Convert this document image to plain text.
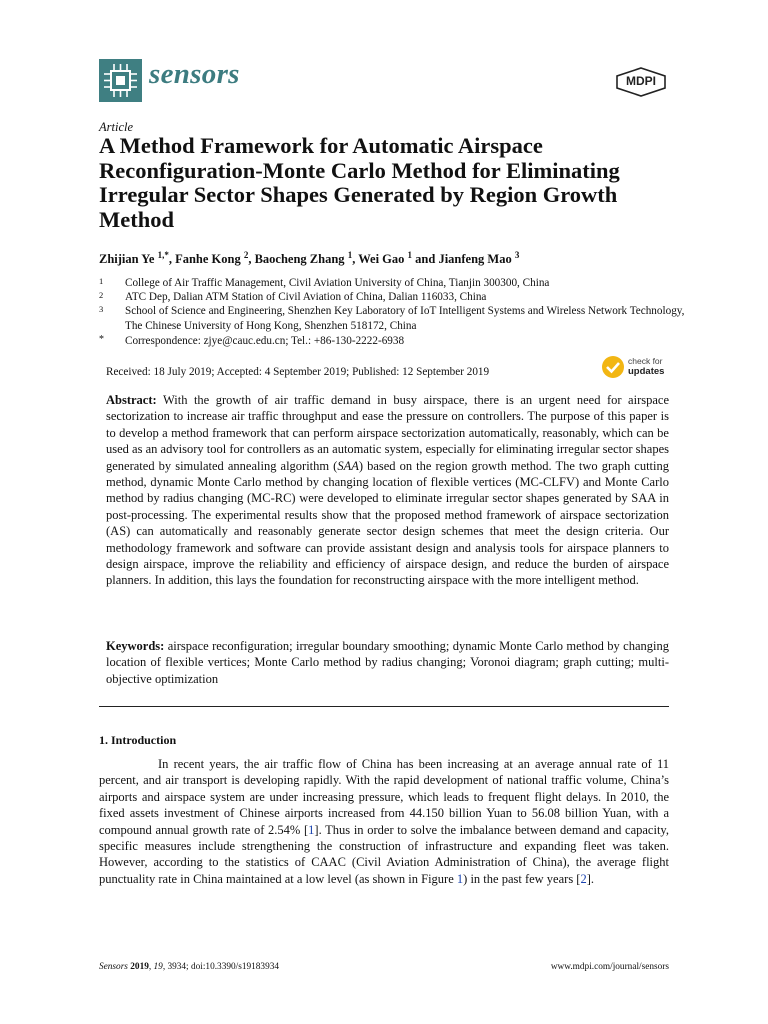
sensors	MDPI
Article
A Method Framework for Automatic Airspace Reconfiguration-Monte Carlo Method for Eliminating Irregular Sector Shapes Generated by Region Growth Method
Zhijian Ye $^{1,*}$, Fanhe Kong $^2$, Baocheng Zhang $^1$, Wei Gao $^1$ and Jianfeng Mao $^3$
1 College of Air Traffic Management, Civil Aviation University of China, Tianjin 300300, China
2 ATC Dep, Dalian ATM Station of Civil Aviation of China, Dalian 116033, China
3 School of Science and Engineering, Shenzhen Key Laboratory of IoT Intelligent Systems and Wireless Network Technology, The Chinese University of Hong Kong, Shenzhen 518172, China
* Correspondence: zjye@cauc.edu.cn; Tel.: +86-130-2222-6938
Received: 18 July 2019; Accepted: 4 September 2019; Published: 12 September 2019
check for
updates
Abstract: With the growth of air traffic demand in busy airspace, there is an urgent need for airspace sectorization to increase air traffic throughput and ease the pressure on controllers. The purpose of this paper is to develop a method framework that can perform airspace sectorization automatically, reasonably, which can be used as an advisory tool for controllers as an automatic system, especially for eliminating irregular sector shapes generated by simulated annealing algorithm (SAA) based on the region growth method. The two graph cutting method, dynamic Monte Carlo method by changing location of flexible vertices (MC-CLFV) and Monte Carlo method by radius changing (MC-RC) were developed to eliminate irregular sector shapes generated by SAA in post-processing. The experimental results show that the proposed method framework of airspace sectorization (AS) can automatically and reasonably generate sector design schemes that meet the design criteria. Our methodology framework and software can provide assistant design and analysis tools for airspace planners to design airspace, improve the reliability and efficiency of airspace design, and reduce the burden of airspace planners. In addition, this lays the foundation for reconstructing airspace with the more intelligent method.
Keywords: airspace reconfiguration; irregular boundary smoothing; dynamic Monte Carlo method by changing location of flexible vertices; Monte Carlo method by radius changing; Voronoi diagram; graph cutting; multi-objective optimization
1. Introduction

In recent years, the air traffic flow of China has been increasing at an average annual rate of 11 percent, and air transport is developing rapidly. With the rapid development of national traffic volume, China’s airports and airspace system are under increasing pressure, which leads to frequent flight delays. In 2010, the fixed assets investment of Chinese airports increased from 44.150 billion Yuan to 56.08 billion Yuan, with a compound annual growth rate of 2.54% [1]. Thus in order to solve the imbalance between demand and capacity, specific measures include strengthening the construction of infrastructure and expanding fleet was taken. However, according to the statistics of CAAC (Civil Aviation Administration of China), the average flight punctuality rate in China maintained at a low level (as shown in Figure 1) in the past few years [2].

Sensors 2019, 19, 3934; doi:10.3390/s19183934	www.mdpi.com/journal/sensors
